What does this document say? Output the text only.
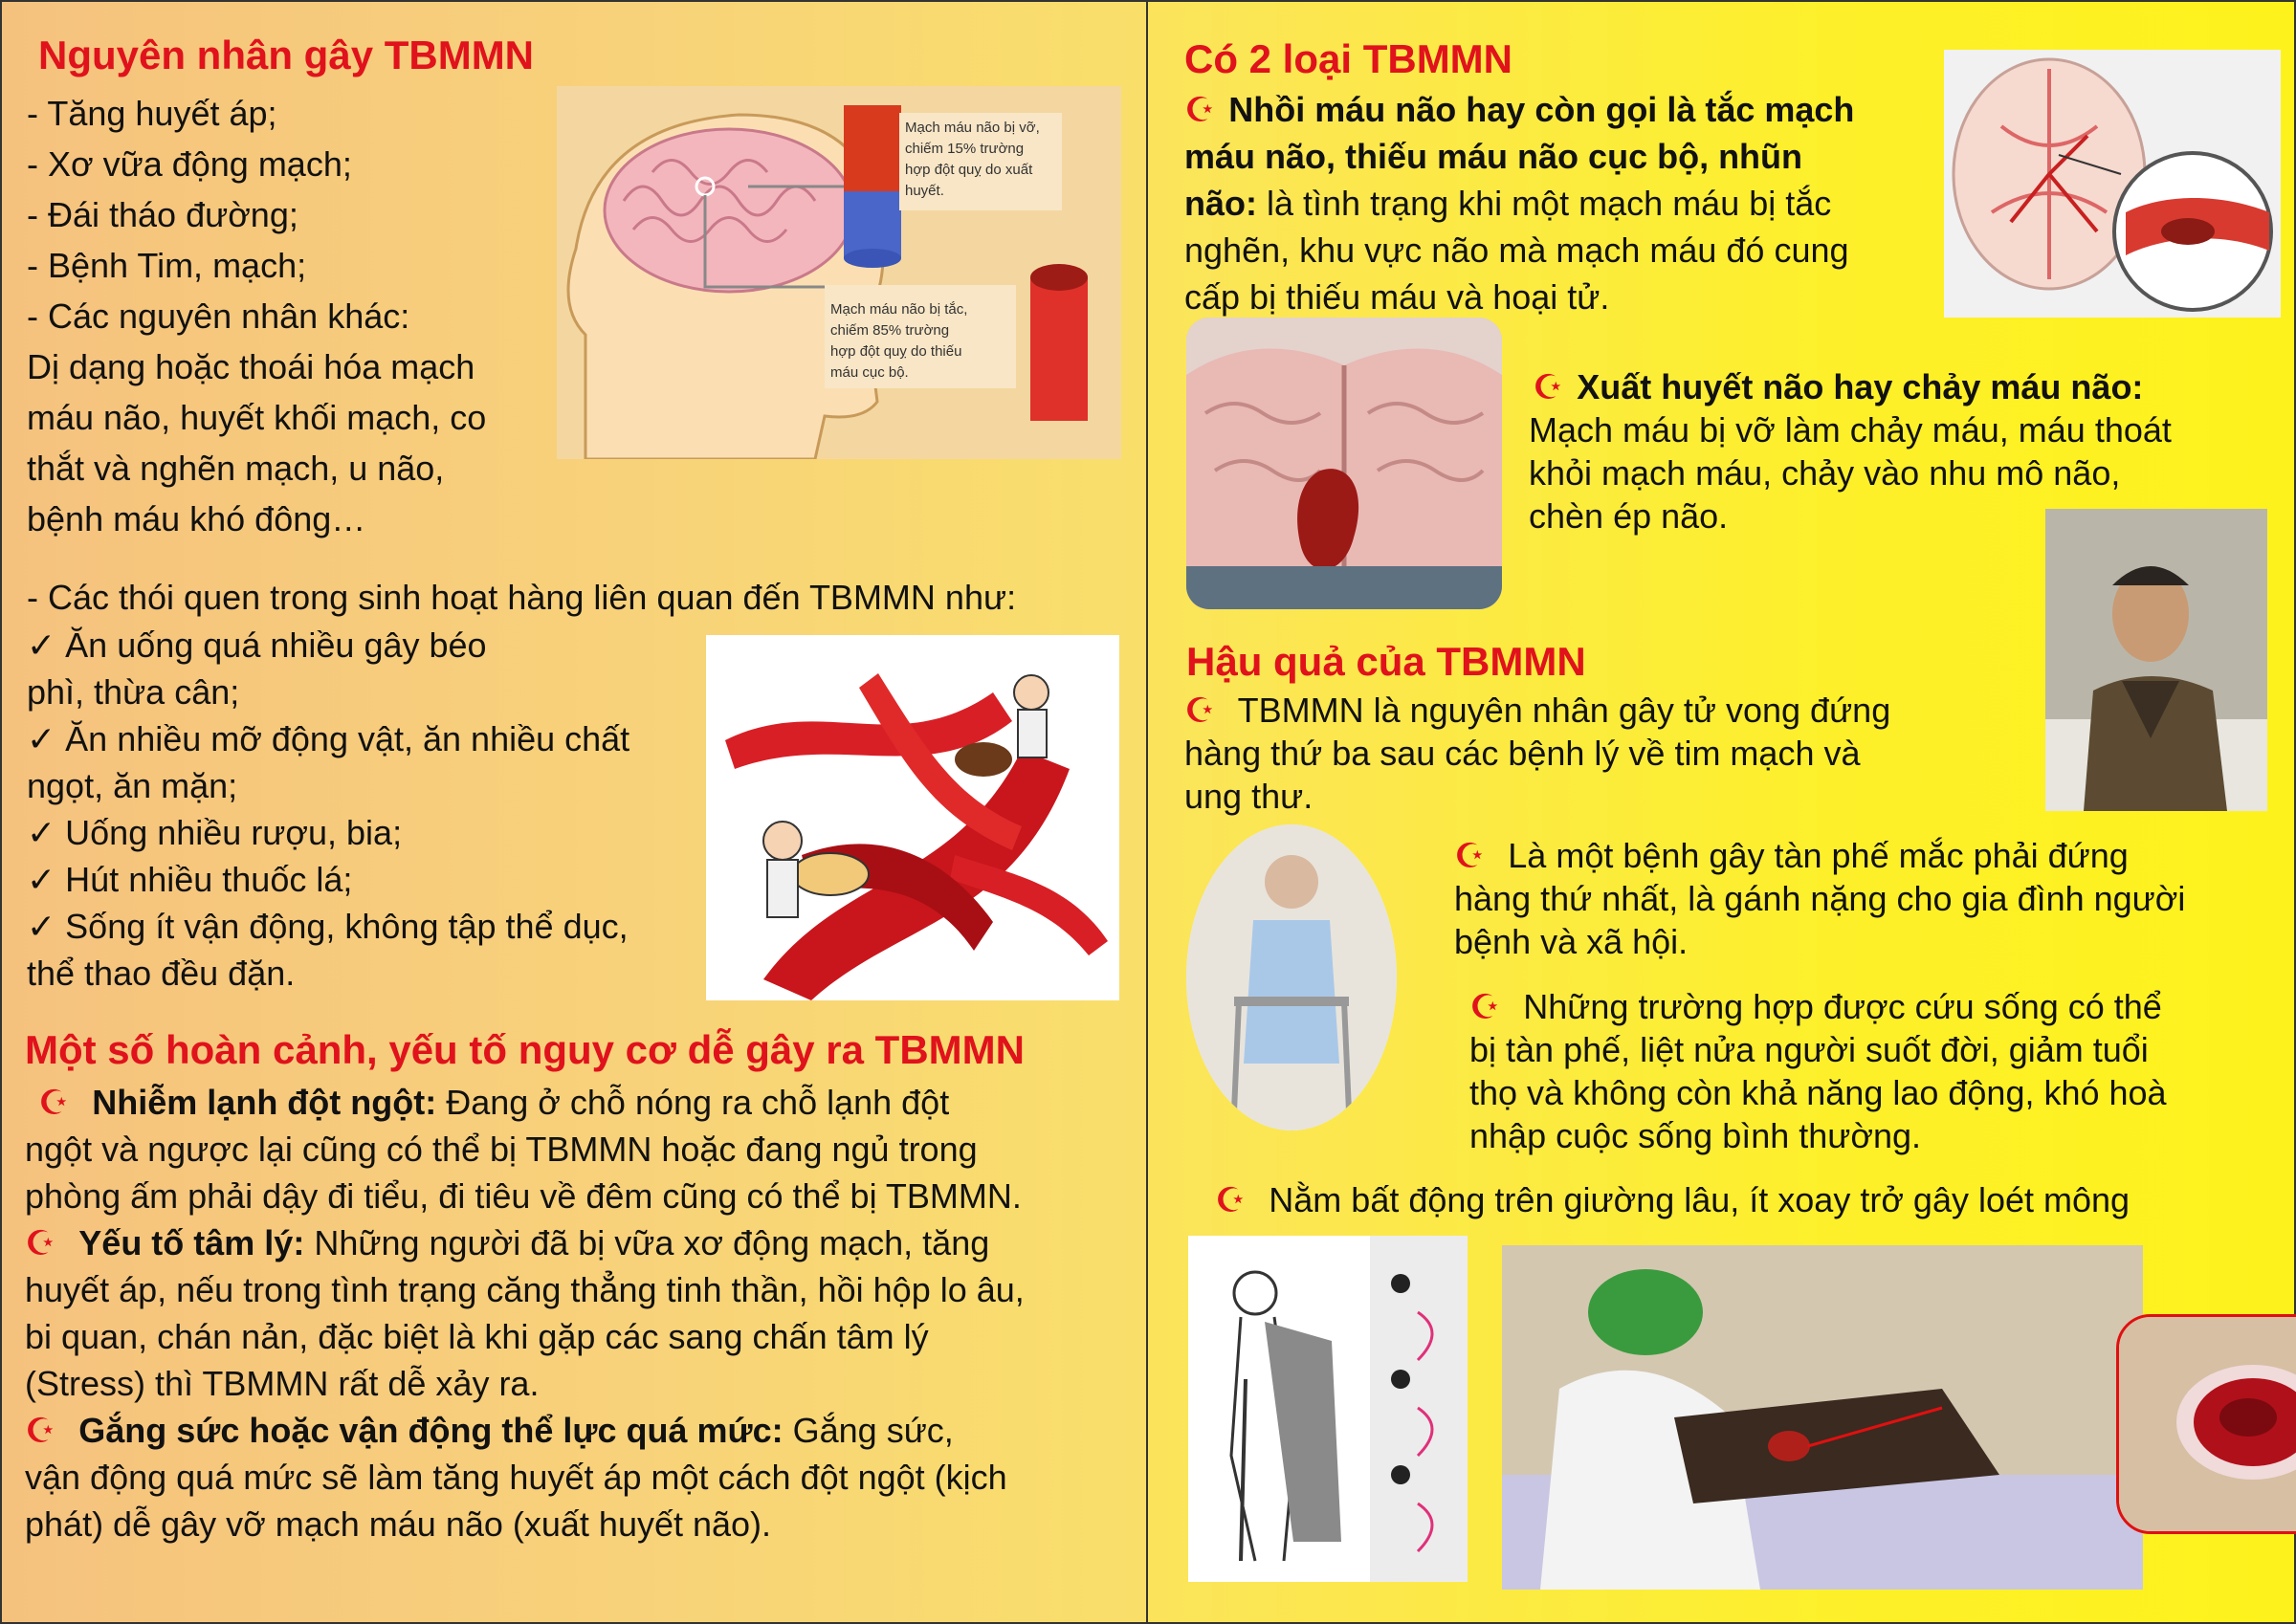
Nguyên nhân gây TBMMN

- Tăng huyết áp;

- Xơ vữa động mạch;

- Đái tháo đường;

- Bệnh Tim, mạch;

- Các nguyên nhân khác:

Dị dạng hoặc thoái hóa mạch

máu não, huyết khối mạch, co

thắt và nghẽn mạch, u não,

bệnh máu khó đông…

Mạch máu não bị vỡ, chiếm 15% trường hợp đột quỵ do xuất huyết. Mạch máu não bị tắc, chiếm 85% trường hợp đột quỵ do thiếu máu cục bộ.
- Các thói quen trong sinh hoạt hàng liên quan đến TBMMN như:

✓ Ăn uống quá nhiều gây béo

phì, thừa cân;

✓ Ăn nhiều mỡ động vật, ăn nhiều chất

ngọt, ăn mặn;

✓ Uống nhiều rượu, bia;

✓ Hút nhiều thuốc lá;

✓ Sống ít vận động, không tập thể dục,

thể thao đều đặn.

Một số hoàn cảnh, yếu tố nguy cơ dễ gây ra TBMMN

☪ Nhiễm lạnh đột ngột: Đang ở chỗ nóng ra chỗ lạnh đột

ngột và ngược lại cũng có thể bị TBMMN hoặc đang ngủ trong

phòng ấm phải dậy đi tiểu, đi tiêu về đêm cũng có thể bị TBMMN.

☪ Yếu tố tâm lý: Những người đã bị vữa xơ động mạch, tăng

huyết áp, nếu trong tình trạng căng thẳng tinh thần, hồi hộp lo âu,

bi quan, chán nản, đặc biệt là khi gặp các sang chấn tâm lý

(Stress) thì TBMMN rất dễ xảy ra.

☪ Gắng sức hoặc vận động thể lực quá mức: Gắng sức,

vận động quá mức sẽ làm tăng huyết áp một cách đột ngột (kịch

phát) dễ gây vỡ mạch máu não (xuất huyết não).

Có 2 loại TBMMN

☪ Nhồi máu não hay còn gọi là tắc mạch

máu não, thiếu máu não cục bộ, nhũn

não: là tình trạng khi một mạch máu bị tắc

nghẽn, khu vực não mà mạch máu đó cung

cấp bị thiếu máu và hoại tử.

☪ Xuất huyết não hay chảy máu não:

Mạch máu bị vỡ làm chảy máu, máu thoát

khỏi mạch máu, chảy vào nhu mô não,

chèn ép não.

Hậu quả của TBMMN

☪ TBMMN là nguyên nhân gây tử vong đứng

hàng thứ ba sau các bệnh lý về tim mạch và

ung thư.

☪ Là một bệnh gây tàn phế mắc phải đứng

hàng thứ nhất, là gánh nặng cho gia đình người

bệnh và xã hội.

☪ Những trường hợp được cứu sống có thể

bị tàn phế, liệt nửa người suốt đời, giảm tuổi

thọ và không còn khả năng lao động, khó hoà

nhập cuộc sống bình thường.

☪ Nằm bất động trên giường lâu, ít xoay trở gây loét mông
